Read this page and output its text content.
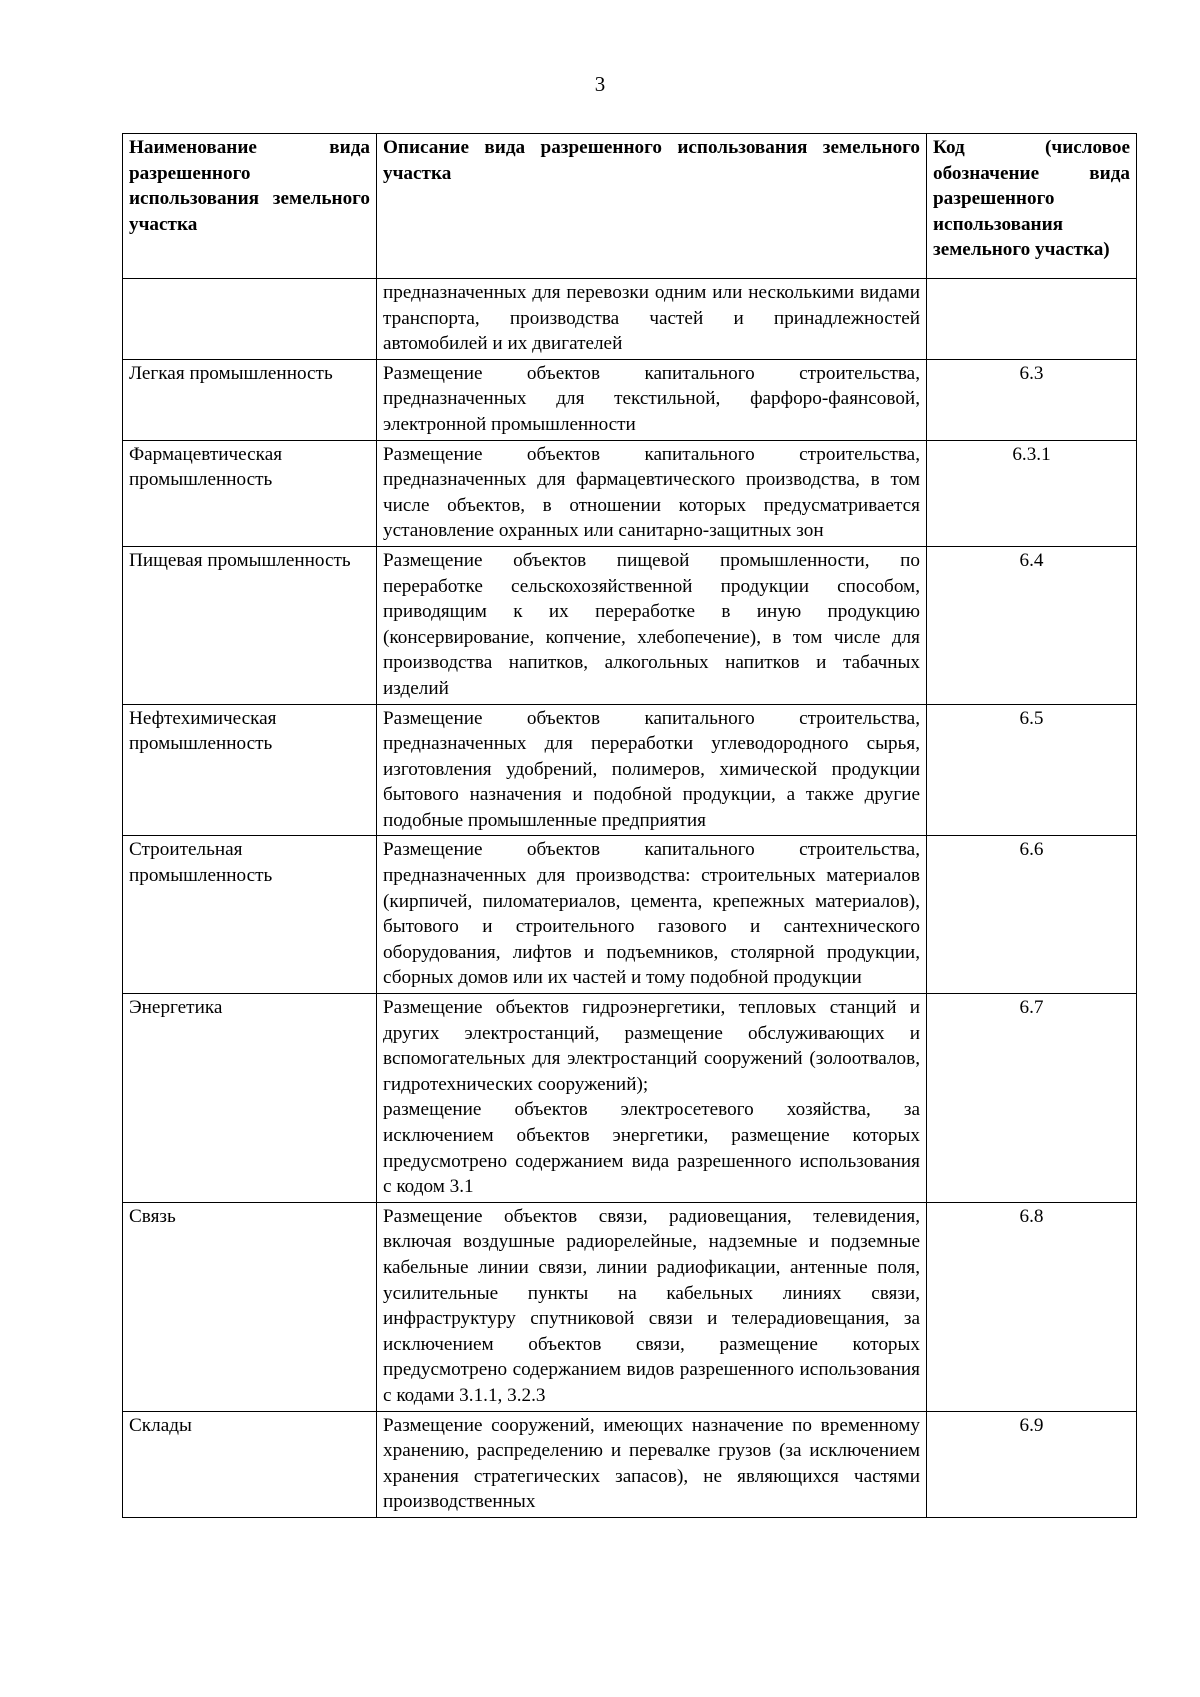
3
Наименование вида разрешенного использования земельного участка	Описание вида разрешенного использования земельного участка	Код (числовое обозначение вида разрешенного использования земельного участка)

	предназначенных для перевозки одним или несколькими видами транспорта, производства частей и принадлежностей автомобилей и их двигателей	

Легкая промышленность	Размещение объектов капитального строительства, предназначенных для текстильной, фарфоро-фаянсовой, электронной промышленности	6.3
Фармацевтическая промышленность	Размещение объектов капитального строительства, предназначенных для фармацевтического производства, в том числе объектов, в отношении которых предусматривается установление охранных или санитарно-защитных зон	6.3.1
Пищевая промышленность	Размещение объектов пищевой промышленности, по переработке сельскохозяйственной продукции способом, приводящим к их переработке в иную продукцию (консервирование, копчение, хлебопечение), в том числе для производства напитков, алкогольных напитков и табачных изделий	6.4
Нефтехимическая промышленность	Размещение объектов капитального строительства, предназначенных для переработки углеводородного сырья, изготовления удобрений, полимеров, химической продукции бытового назначения и подобной продукции, а также другие подобные промышленные предприятия	6.5
Строительная промышленность	Размещение объектов капитального строительства, предназначенных для производства: строительных материалов (кирпичей, пиломатериалов, цемента, крепежных материалов), бытового и строительного газового и сантехнического оборудования, лифтов и подъемников, столярной продукции, сборных домов или их частей и тому подобной продукции	6.6
Энергетика	Размещение объектов гидроэнергетики, тепловых станций и других электростанций, размещение обслуживающих и вспомогательных для электростанций сооружений (золоотвалов, гидротехнических сооружений);
размещение объектов электросетевого хозяйства, за исключением объектов энергетики, размещение которых предусмотрено содержанием вида разрешенного использования с кодом 3.1	6.7
Связь	Размещение объектов связи, радиовещания, телевидения, включая воздушные радиорелейные, надземные и подземные кабельные линии связи, линии радиофикации, антенные поля, усилительные пункты на кабельных линиях связи, инфраструктуру спутниковой связи и телерадиовещания, за исключением объектов связи, размещение которых предусмотрено содержанием видов разрешенного использования с кодами 3.1.1, 3.2.3	6.8
Склады	Размещение сооружений, имеющих назначение по временному хранению, распределению и перевалке грузов (за исключением хранения стратегических запасов), не являющихся частями производственных	6.9
